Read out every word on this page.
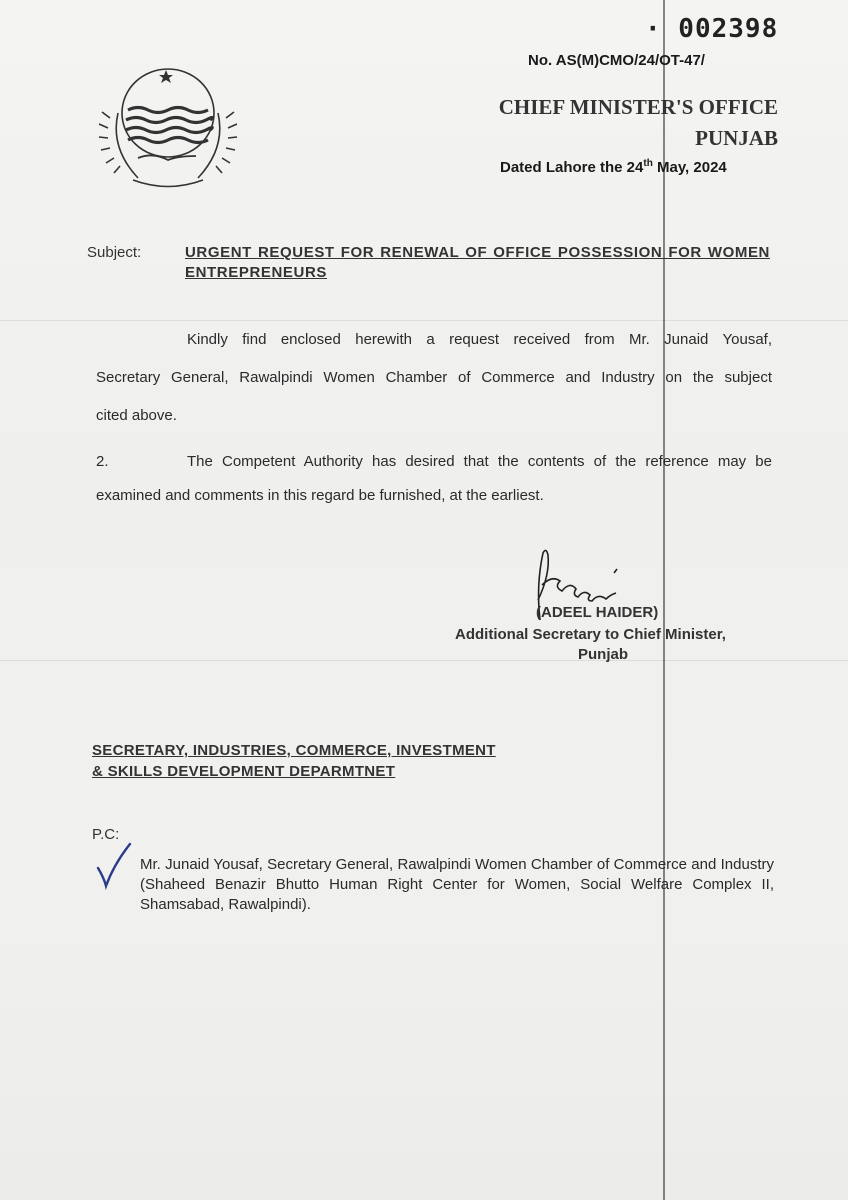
· 002398
No. AS(M)CMO/24/OT-47/
CHIEF MINISTER'S OFFICE
PUNJAB
Dated Lahore the 24th May, 2024
Subject:	URGENT REQUEST FOR RENEWAL OF OFFICE POSSESSION FOR WOMEN ENTREPRENEURS
Kindly find enclosed herewith a request received from Mr. Junaid Yousaf,
Secretary General, Rawalpindi Women Chamber of Commerce and Industry on the subject
cited above.
2.	The Competent Authority has desired that the contents of the reference may be
examined and comments in this regard be furnished, at the earliest.
(ADEEL HAIDER)
Additional Secretary to Chief Minister,
Punjab
SECRETARY, INDUSTRIES, COMMERCE, INVESTMENT
& SKILLS DEVELOPMENT DEPARMTNET
P.C:
Mr. Junaid Yousaf, Secretary General, Rawalpindi Women Chamber of Commerce and Industry (Shaheed Benazir Bhutto Human Right Center for Women, Social Welfare Complex II, Shamsabad, Rawalpindi).
